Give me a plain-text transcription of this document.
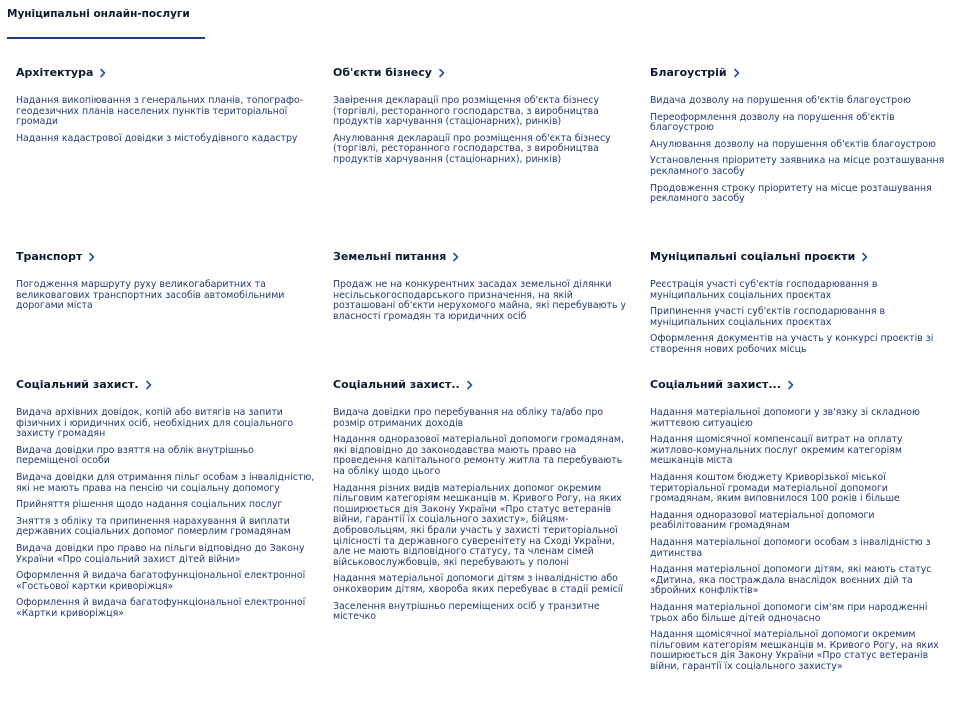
Муніципальні онлайн-послуги
Архітектура
Надання викопіювання з генеральних планів, топографо-геодезичних планів населених пунктів територіальної громади
Надання кадастрової довідки з містобудівного кадастру
Об'єкти бізнесу
Завірення декларації про розміщення об'єкта бізнесу (торгівлі, ресторанного господарства, з виробництва продуктів харчування (стаціонарних), ринків)
Анулювання декларації про розміщення об'єкта бізнесу (торгівлі, ресторанного господарства, з виробництва продуктів харчування (стаціонарних), ринків)
Благоустрій
Видача дозволу на порушення об'єктів благоустрою
Переоформлення дозволу на порушення об'єктів благоустрою
Анулювання дозволу на порушення об'єктів благоустрою
Установлення пріоритету заявника на місце розташування рекламного засобу
Продовження строку пріоритету на місце розташування рекламного засобу
Транспорт
Погодження маршруту руху великогабаритних та великовагових транспортних засобів автомобільними дорогами міста
Земельні питання
Продаж не на конкурентних засадах земельної ділянки несільськогосподарського призначення, на якій розташовані об'єкти нерухомого майна, які перебувають у власності громадян та юридичних осіб
Муніципальні соціальні проєкти
Реєстрація участі суб'єктів господарювання в муніципальних соціальних проєктах
Припинення участі суб'єктів господарювання в муніципальних соціальних проєктах
Оформлення документів на участь у конкурсі проєктів зі створення нових робочих місць
Соціальний захист.
Видача архівних довідок, копій або витягів на запити фізичних і юридичних осіб, необхідних для соціального захисту громадян
Видача довідки про взяття на облік внутрішньо переміщеної особи
Видача довідки для отримання пільг особам з інвалідністю, які не мають права на пенсію чи соціальну допомогу
Прийняття рішення щодо надання соціальних послуг
Зняття з обліку та припинення нарахування й виплати державних соціальних допомог померлим громадянам
Видача довідки про право на пільги відповідно до Закону України «Про соціальний захист дітей війни»
Оформлення й видача багатофункціональної електронної «Гостьової картки криворіжця»
Оформлення й видача багатофункціональної електронної «Картки криворіжця»
Соціальний захист..
Видача довідки про перебування на обліку та/або про розмір отриманих доходів
Надання одноразової матеріальної допомоги громадянам, які відповідно до законодавства мають право на проведення капітального ремонту житла та перебувають на обліку щодо цього
Надання різних видів матеріальних допомог окремим пільговим категоріям мешканців м. Кривого Рогу, на яких поширюється дія Закону України «Про статус ветеранів війни, гарантії їх соціального захисту», бійцям-добровольцям, які брали участь у захисті територіальної цілісності та державного суверенітету на Сході України, але не мають відповідного статусу, та членам сімей військовослужбовців, які перебувають у полоні
Надання матеріальної допомоги дітям з інвалідністю або онкохворим дітям, хвороба яких перебуває в стадії ремісії
Заселення внутрішньо переміщених осіб у транзитне містечко
Соціальний захист...
Надання матеріальної допомоги у зв'язку зі складною життєвою ситуацією
Надання щомісячної компенсації витрат на оплату житлово-комунальних послуг окремим категоріям мешканців міста
Надання коштом бюджету Криворізької міської територіальної громади матеріальної допомоги громадянам, яким виповнилося 100 років і більше
Надання одноразової матеріальної допомоги реабілітованим громадянам
Надання матеріальної допомоги особам з інвалідністю з дитинства
Надання матеріальної допомоги дітям, які мають статус «Дитина, яка постраждала внаслідок воєнних дій та збройних конфліктів»
Надання матеріальної допомоги сім'ям при народженні трьох або більше дітей одночасно
Надання щомісячної матеріальної допомоги окремим пільговим категоріям мешканців м. Кривого Рогу, на яких поширюється дія Закону України «Про статус ветеранів війни, гарантії їх соціального захисту»
